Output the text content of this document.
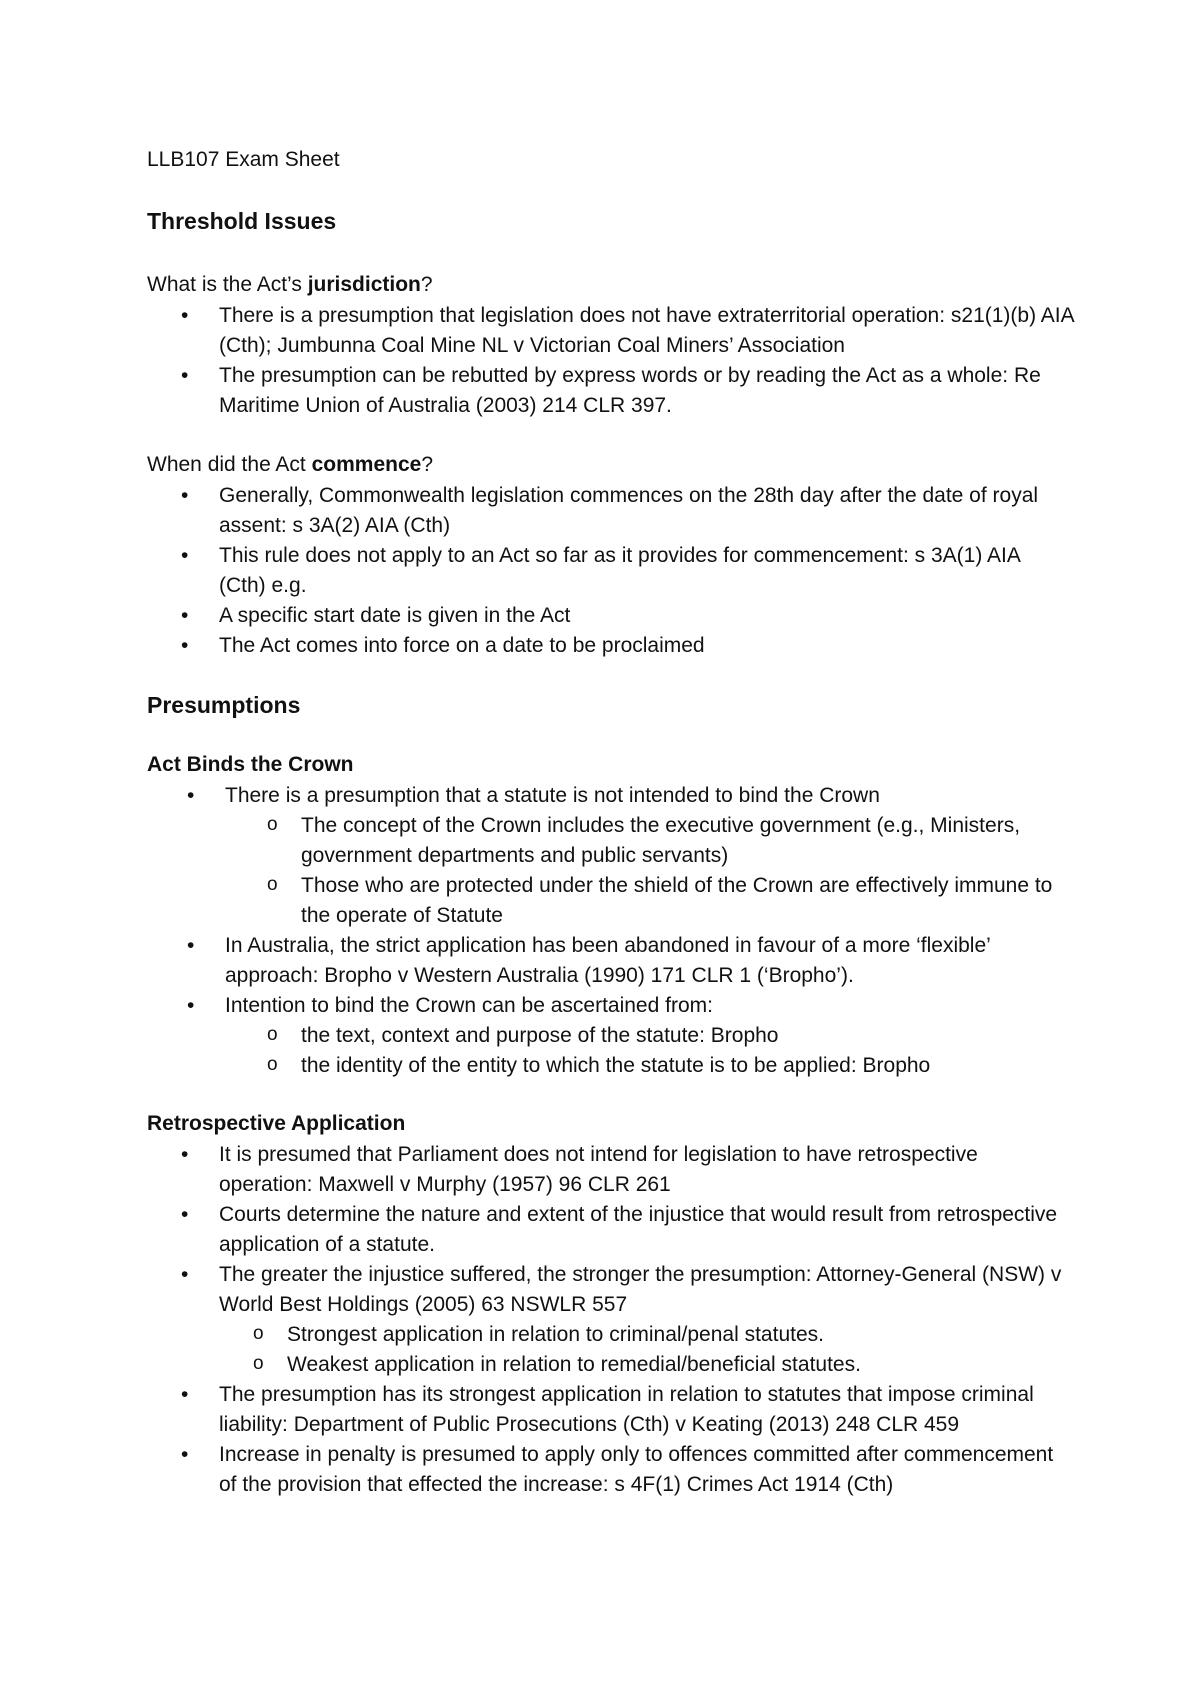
LLB107 Exam Sheet
Threshold Issues
What is the Act’s jurisdiction?
• There is a presumption that legislation does not have extraterritorial operation: s21(1)(b) AIA (Cth); Jumbunna Coal Mine NL v Victorian Coal Miners’ Association
• The presumption can be rebutted by express words or by reading the Act as a whole: Re Maritime Union of Australia (2003) 214 CLR 397.
When did the Act commence?
• Generally, Commonwealth legislation commences on the 28th day after the date of royal assent: s 3A(2) AIA (Cth)
• This rule does not apply to an Act so far as it provides for commencement: s 3A(1) AIA (Cth) e.g.
• A specific start date is given in the Act
• The Act comes into force on a date to be proclaimed
Presumptions
Act Binds the Crown
• There is a presumption that a statute is not intended to bind the Crown
o The concept of the Crown includes the executive government (e.g., Ministers, government departments and public servants)
o Those who are protected under the shield of the Crown are effectively immune to the operate of Statute
• In Australia, the strict application has been abandoned in favour of a more ‘flexible’ approach: Bropho v Western Australia (1990) 171 CLR 1 (‘Bropho’).
• Intention to bind the Crown can be ascertained from:
o the text, context and purpose of the statute: Bropho
o the identity of the entity to which the statute is to be applied: Bropho
Retrospective Application
• It is presumed that Parliament does not intend for legislation to have retrospective operation: Maxwell v Murphy (1957) 96 CLR 261
• Courts determine the nature and extent of the injustice that would result from retrospective application of a statute.
• The greater the injustice suffered, the stronger the presumption: Attorney-General (NSW) v World Best Holdings (2005) 63 NSWLR 557
o Strongest application in relation to criminal/penal statutes.
o Weakest application in relation to remedial/beneficial statutes.
• The presumption has its strongest application in relation to statutes that impose criminal liability: Department of Public Prosecutions (Cth) v Keating (2013) 248 CLR 459
• Increase in penalty is presumed to apply only to offences committed after commencement of the provision that effected the increase: s 4F(1) Crimes Act 1914 (Cth)
